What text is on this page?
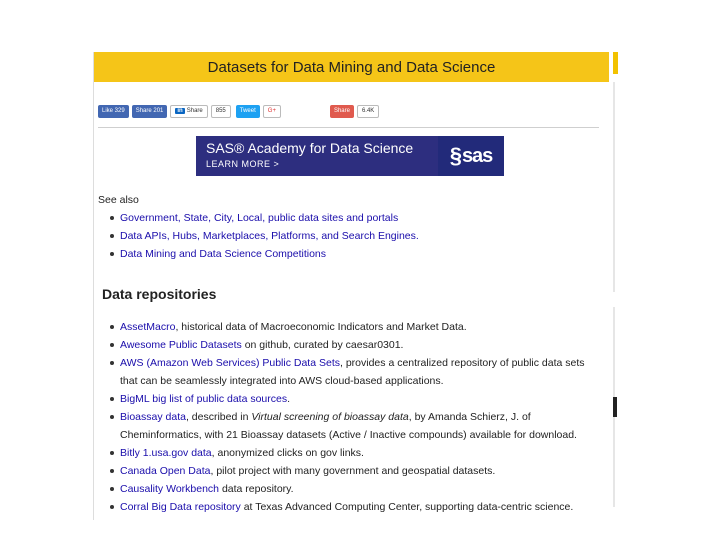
Datasets for Data Mining and Data Science
Like 329	Share 201	in Share	855	Tweet	G+	Share	6.4K
SAS® Academy for Data Science
LEARN MORE >	§ sas
See also
Government, State, City, Local, public data sites and portals
Data APIs, Hubs, Marketplaces, Platforms, and Search Engines.
Data Mining and Data Science Competitions
Data repositories
AssetMacro, historical data of Macroeconomic Indicators and Market Data.
Awesome Public Datasets on github, curated by caesar0301.
AWS (Amazon Web Services) Public Data Sets, provides a centralized repository of public data sets that can be seamlessly integrated into AWS cloud-based applications.
BigML big list of public data sources.
Bioassay data, described in Virtual screening of bioassay data, by Amanda Schierz, J. of Cheminformatics, with 21 Bioassay datasets (Active / Inactive compounds) available for download.
Bitly 1.usa.gov data, anonymized clicks on gov links.
Canada Open Data, pilot project with many government and geospatial datasets.
Causality Workbench data repository.
Corral Big Data repository at Texas Advanced Computing Center, supporting data-centric science.
